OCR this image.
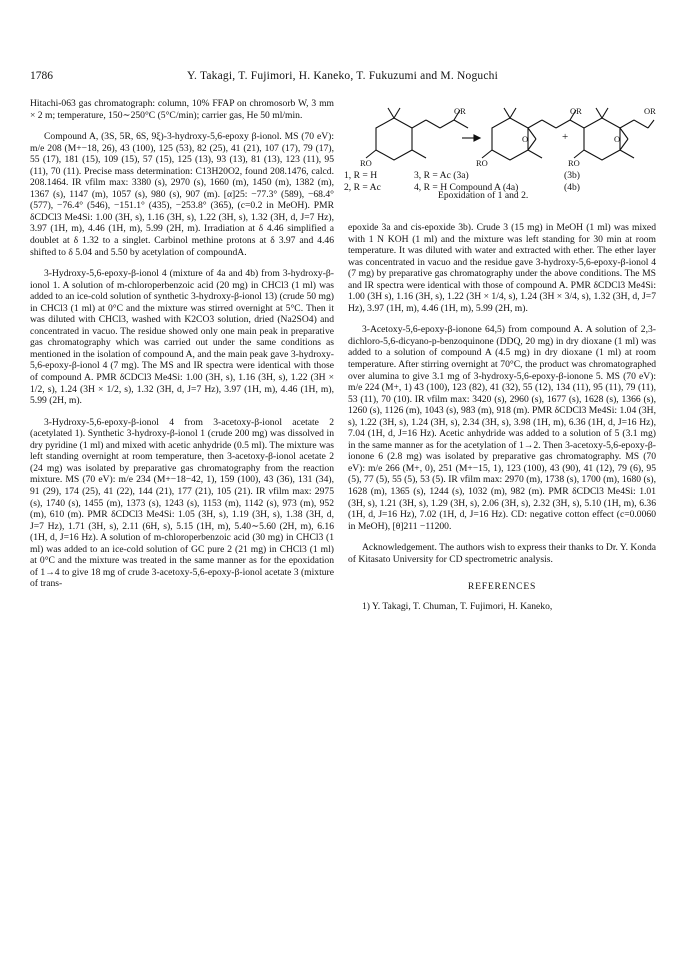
1786	Y. Takagi, T. Fujimori, H. Kaneko, T. Fukuzumi and M. Noguchi
RO
OR
RO
OR
O
RO
OR
O
+
1, R = H
2, R = Ac
3, R = Ac (3a)
4, R = H Compound A (4a)
(3b)
(4b)
Epoxidation of 1 and 2.

Hitachi-063 gas chromatograph: column, 10% FFAP on chromosorb W, 3 mm × 2 m; temperature, 150∼250°C (5°C/min); carrier gas, He 50 ml/min.

Compound A, (3S, 5R, 6S, 9ξ)-3-hydroxy-5,6-epoxy β-ionol. MS (70 eV): m/e 208 (M+−18, 26), 43 (100), 125 (53), 82 (25), 41 (21), 107 (17), 79 (17), 55 (17), 181 (15), 109 (15), 57 (15), 125 (13), 93 (13), 81 (13), 123 (11), 95 (11), 70 (11). Precise mass determination: C13H20O2, found 208.1476, calcd. 208.1464. IR νfilm max: 3380 (s), 2970 (s), 1660 (m), 1450 (m), 1382 (m), 1367 (s), 1147 (m), 1057 (s), 980 (s), 907 (m). [α]25: −77.3° (589), −68.4° (577), −76.4° (546), −151.1° (435), −253.8° (365), (c=0.2 in MeOH). PMR δCDCl3 Me4Si: 1.00 (3H, s), 1.16 (3H, s), 1.22 (3H, s), 1.32 (3H, d, J=7 Hz), 3.97 (1H, m), 4.46 (1H, m), 5.99 (2H, m). Irradiation at δ 4.46 simplified a doublet at δ 1.32 to a singlet. Carbinol methine protons at δ 3.97 and 4.46 shifted to δ 5.04 and 5.50 by acetylation of compoundA.

3-Hydroxy-5,6-epoxy-β-ionol 4 (mixture of 4a and 4b) from 3-hydroxy-β-ionol 1. A solution of m-chloroperbenzoic acid (20 mg) in CHCl3 (1 ml) was added to an ice-cold solution of synthetic 3-hydroxy-β-ionol 13) (crude 50 mg) in CHCl3 (1 ml) at 0°C and the mixture was stirred overnight at 5°C. Then it was diluted with CHCl3, washed with K2CO3 solution, dried (Na2SO4) and concentrated in vacuo. The residue showed only one main peak in preparative gas chromatography which was carried out under the same conditions as mentioned in the isolation of compound A, and the main peak gave 3-hydroxy-5,6-epoxy-β-ionol 4 (7 mg). The MS and IR spectra were identical with those of compound A. PMR δCDCl3 Me4Si: 1.00 (3H, s), 1.16 (3H, s), 1.22 (3H × 1/2, s), 1.24 (3H × 1/2, s), 1.32 (3H, d, J=7 Hz), 3.97 (1H, m), 4.46 (1H, m), 5.99 (2H, m).

3-Hydroxy-5,6-epoxy-β-ionol 4 from 3-acetoxy-β-ionol acetate 2 (acetylated 1). Synthetic 3-hydroxy-β-ionol 1 (crude 200 mg) was dissolved in dry pyridine (1 ml) and mixed with acetic anhydride (0.5 ml). The mixture was left standing overnight at room temperature, then 3-acetoxy-β-ionol acetate 2 (24 mg) was isolated by preparative gas chromatography from the reaction mixture. MS (70 eV): m/e 234 (M+−18−42, 1), 159 (100), 43 (36), 131 (34), 91 (29), 174 (25), 41 (22), 144 (21), 177 (21), 105 (21). IR νfilm max: 2975 (s), 1740 (s), 1455 (m), 1373 (s), 1243 (s), 1153 (m), 1142 (s), 973 (m), 952 (m), 610 (m). PMR δCDCl3 Me4Si: 1.05 (3H, s), 1.19 (3H, s), 1.38 (3H, d, J=7 Hz), 1.71 (3H, s), 2.11 (6H, s), 5.15 (1H, m), 5.40∼5.60 (2H, m), 6.16 (1H, d, J=16 Hz). A solution of m-chloroperbenzoic acid (30 mg) in CHCl3 (1 ml) was added to an ice-cold solution of GC pure 2 (21 mg) in CHCl3 (1 ml) at 0°C and the mixture was treated in the same manner as for the epoxidation of 1→4 to give 18 mg of crude 3-acetoxy-5,6-epoxy-β-ionol acetate 3 (mixture of trans-

epoxide 3a and cis-epoxide 3b). Crude 3 (15 mg) in MeOH (1 ml) was mixed with 1 N KOH (1 ml) and the mixture was left standing for 30 min at room temperature. It was diluted with water and extracted with ether. The ether layer was concentrated in vacuo and the residue gave 3-hydroxy-5,6-epoxy-β-ionol 4 (7 mg) by preparative gas chromatography under the above conditions. The MS and IR spectra were identical with those of compound A. PMR δCDCl3 Me4Si: 1.00 (3H s), 1.16 (3H, s), 1.22 (3H × 1/4, s), 1.24 (3H × 3/4, s), 1.32 (3H, d, J=7 Hz), 3.97 (1H, m), 4.46 (1H, m), 5.99 (2H, m).

3-Acetoxy-5,6-epoxy-β-ionone 64,5) from compound A. A solution of 2,3-dichloro-5,6-dicyano-p-benzoquinone (DDQ, 20 mg) in dry dioxane (1 ml) was added to a solution of compound A (4.5 mg) in dry dioxane (1 ml) at room temperature. After stirring overnight at 70°C, the product was chromatographed over alumina to give 3.1 mg of 3-hydroxy-5,6-epoxy-β-ionone 5. MS (70 eV): m/e 224 (M+, 1) 43 (100), 123 (82), 41 (32), 55 (12), 134 (11), 95 (11), 79 (11), 53 (11), 70 (10). IR νfilm max: 3420 (s), 2960 (s), 1677 (s), 1628 (s), 1366 (s), 1260 (s), 1126 (m), 1043 (s), 983 (m), 918 (m). PMR δCDCl3 Me4Si: 1.04 (3H, s), 1.22 (3H, s), 1.24 (3H, s), 2.34 (3H, s), 3.98 (1H, m), 6.36 (1H, d, J=16 Hz), 7.04 (1H, d, J=16 Hz). Acetic anhydride was added to a solution of 5 (3.1 mg) in the same manner as for the acetylation of 1→2. Then 3-acetoxy-5,6-epoxy-β-ionone 6 (2.8 mg) was isolated by preparative gas chromatography. MS (70 eV): m/e 266 (M+, 0), 251 (M+−15, 1), 123 (100), 43 (90), 41 (12), 79 (6), 95 (5), 77 (5), 55 (5), 53 (5). IR νfilm max: 2970 (m), 1738 (s), 1700 (m), 1680 (s), 1628 (m), 1365 (s), 1244 (s), 1032 (m), 982 (m). PMR δCDCl3 Me4Si: 1.01 (3H, s), 1.21 (3H, s), 1.29 (3H, s), 2.06 (3H, s), 2.32 (3H, s), 5.10 (1H, m), 6.36 (1H, d, J=16 Hz), 7.02 (1H, d, J=16 Hz). CD: negative cotton effect (c=0.0060 in MeOH), [θ]211 −11200.

Acknowledgement. The authors wish to express their thanks to Dr. Y. Konda of Kitasato University for CD spectrometric analysis.

REFERENCES

1) Y. Takagi, T. Chuman, T. Fujimori, H. Kaneko,
